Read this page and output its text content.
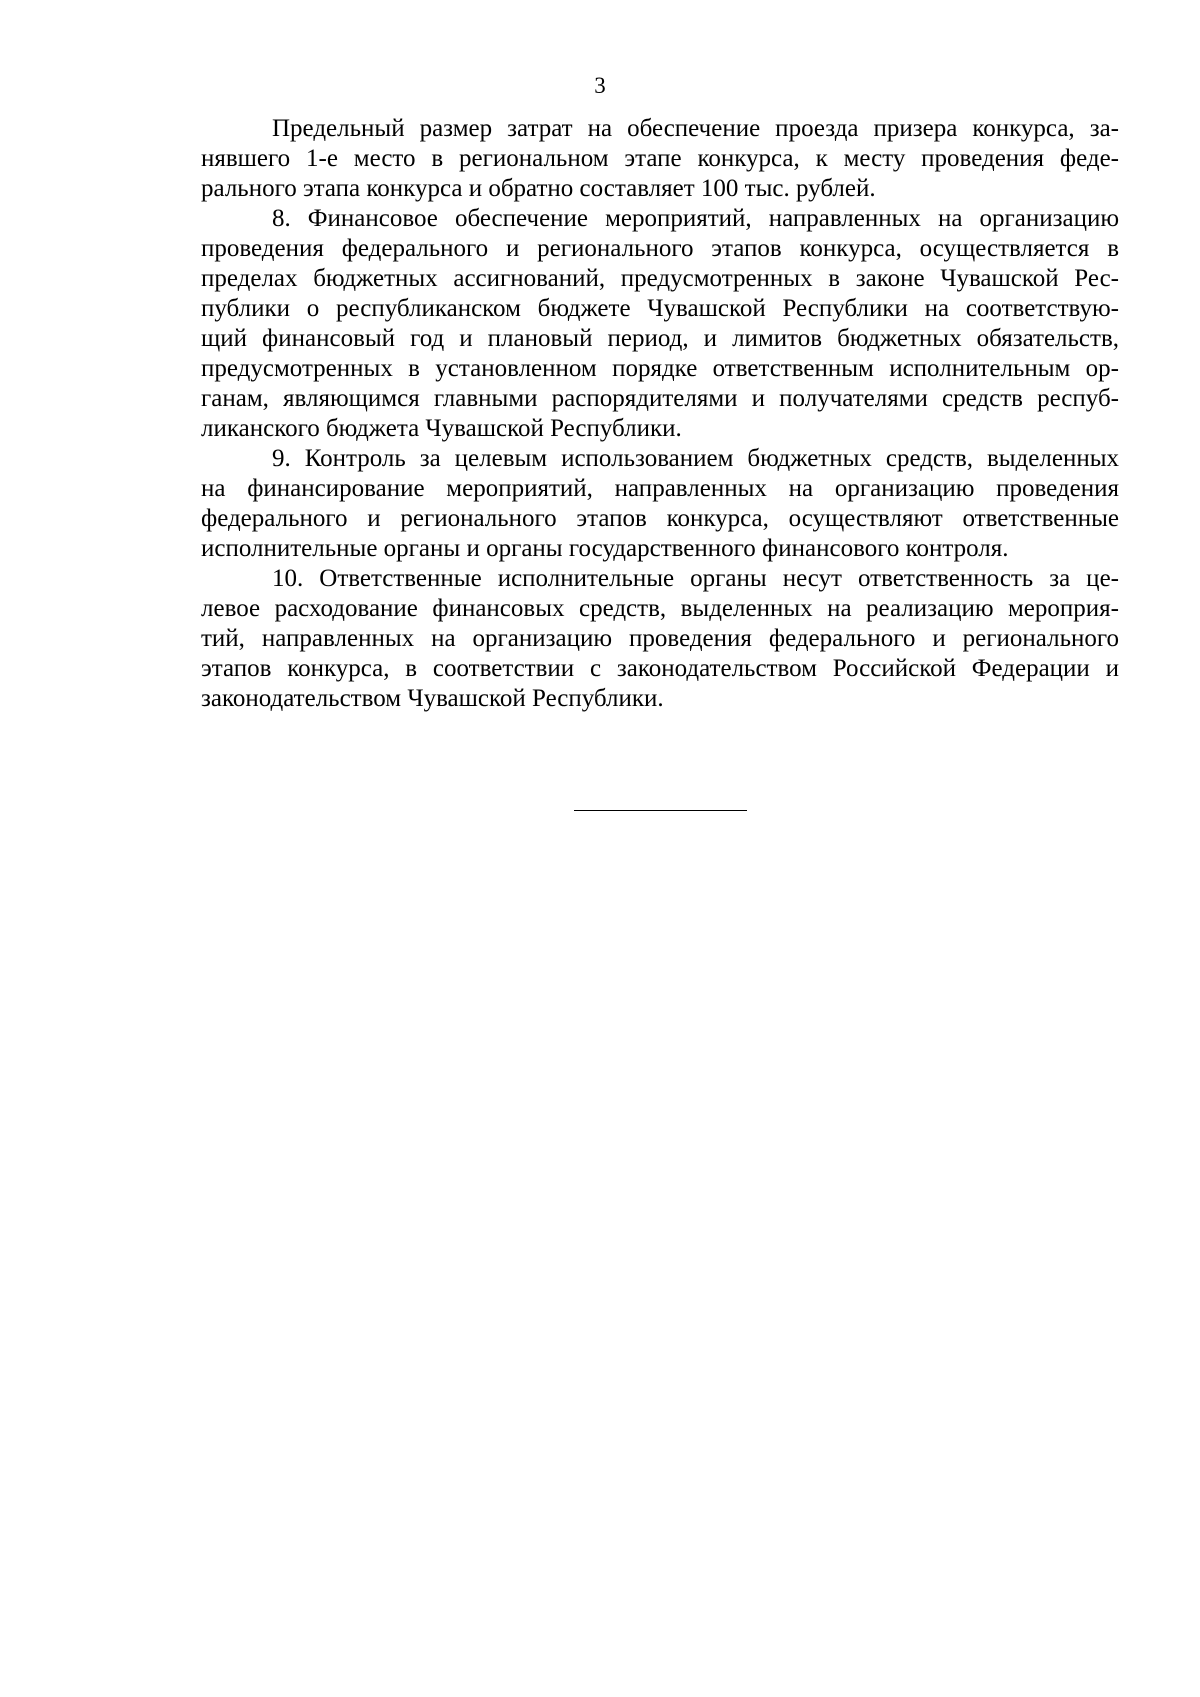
3

Предельный размер затрат на обеспечение проезда призера конкурса, за-
нявшего 1-е место в региональном этапе конкурса, к месту проведения феде-
рального этапа конкурса и обратно составляет 100 тыс. рублей.

8. Финансовое обеспечение мероприятий, направленных на организацию
проведения федерального и регионального этапов конкурса, осуществляется в
пределах бюджетных ассигнований, предусмотренных в законе Чувашской Рес-
публики о республиканском бюджете Чувашской Республики на соответствую-
щий финансовый год и плановый период, и лимитов бюджетных обязательств,
предусмотренных в установленном порядке ответственным исполнительным ор-
ганам, являющимся главными распорядителями и получателями средств респуб-
ликанского бюджета Чувашской Республики.

9. Контроль за целевым использованием бюджетных средств, выделенных
на финансирование мероприятий, направленных на организацию проведения
федерального и регионального этапов конкурса, осуществляют ответственные
исполнительные органы и органы государственного финансового контроля.

10. Ответственные исполнительные органы несут ответственность за це-
левое расходование финансовых средств, выделенных на реализацию мероприя-
тий, направленных на организацию проведения федерального и регионального
этапов конкурса, в соответствии с законодательством Российской Федерации и
законодательством Чувашской Республики.
